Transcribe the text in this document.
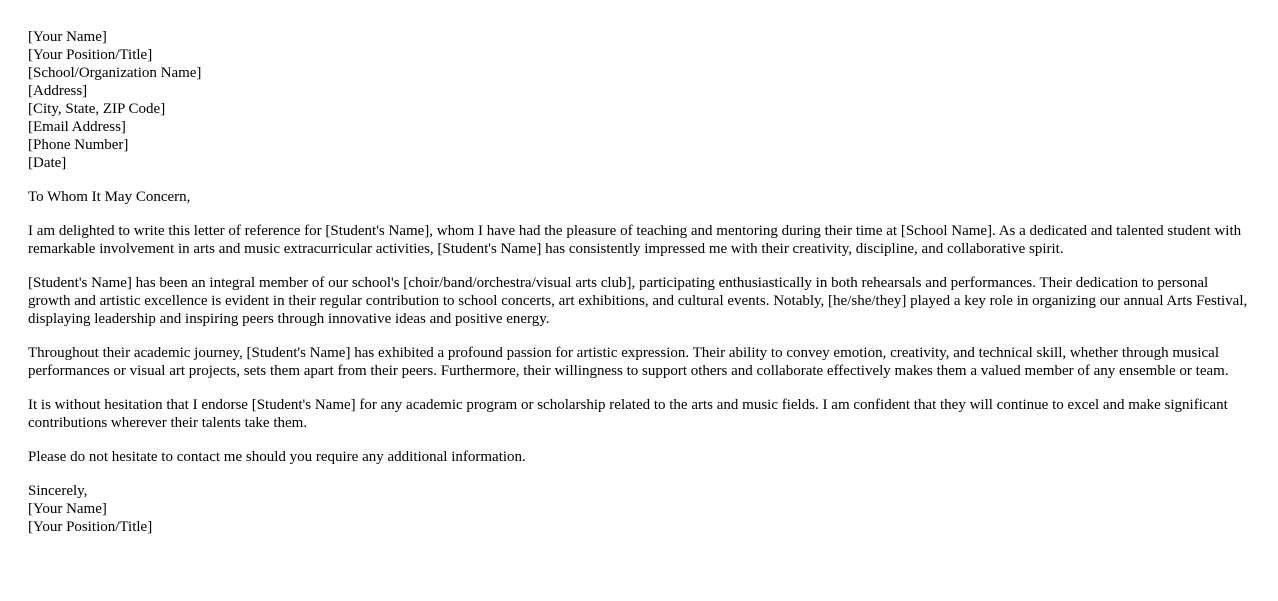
[Your Name]
[Your Position/Title]
[School/Organization Name]
[Address]
[City, State, ZIP Code]
[Email Address]
[Phone Number]
[Date]

To Whom It May Concern,

I am delighted to write this letter of reference for [Student's Name], whom I have had the pleasure of teaching and mentoring during their time at [School Name]. As a dedicated and talented student with remarkable involvement in arts and music extracurricular activities, [Student's Name] has consistently impressed me with their creativity, discipline, and collaborative spirit.

[Student's Name] has been an integral member of our school's [choir/band/orchestra/visual arts club], participating enthusiastically in both rehearsals and performances. Their dedication to personal growth and artistic excellence is evident in their regular contribution to school concerts, art exhibitions, and cultural events. Notably, [he/she/they] played a key role in organizing our annual Arts Festival, displaying leadership and inspiring peers through innovative ideas and positive energy.

Throughout their academic journey, [Student's Name] has exhibited a profound passion for artistic expression. Their ability to convey emotion, creativity, and technical skill, whether through musical performances or visual art projects, sets them apart from their peers. Furthermore, their willingness to support others and collaborate effectively makes them a valued member of any ensemble or team.

It is without hesitation that I endorse [Student's Name] for any academic program or scholarship related to the arts and music fields. I am confident that they will continue to excel and make significant contributions wherever their talents take them.

Please do not hesitate to contact me should you require any additional information.

Sincerely,
[Your Name]
[Your Position/Title]
